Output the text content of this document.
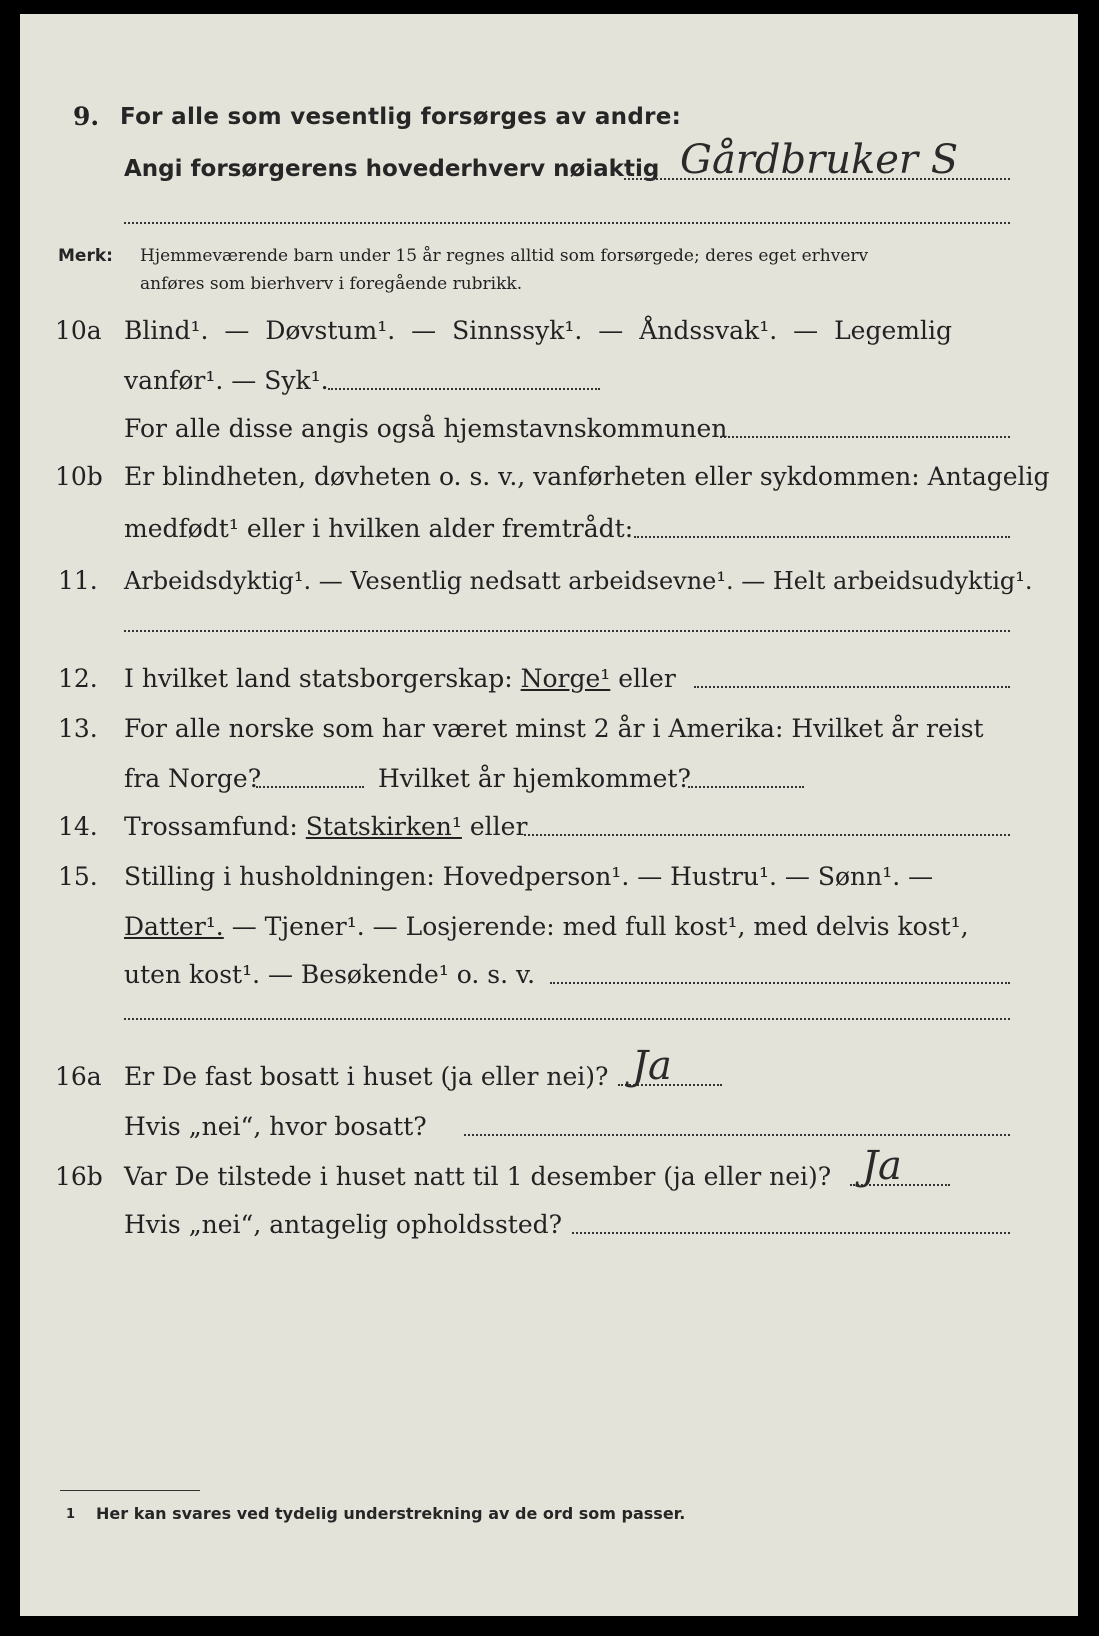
9. For alle som vesentlig forsørges av andre:
Angi forsørgerens hovederhverv nøiaktig Gårdbruker S
Merk: Hjemmeværende barn under 15 år regnes alltid som forsørgede; deres eget erhverv
anføres som bierhverv i foregående rubrikk.
10a Blind¹. — Døvstum¹. — Sinnssyk¹. — Åndssvak¹. — Legemlig
vanfør¹. — Syk¹.
For alle disse angis også hjemstavnskommunen
10b Er blindheten, døvheten o. s. v., vanførheten eller sykdommen: Antagelig
medfødt¹ eller i hvilken alder fremtrådt:
11. Arbeidsdyktig¹. — Vesentlig nedsatt arbeidsevne¹. — Helt arbeidsudyktig¹.
12. I hvilket land statsborgerskap: Norge¹ eller
13. For alle norske som har været minst 2 år i Amerika: Hvilket år reist
fra Norge?	Hvilket år hjemkommet?
14. Trossamfund: Statskirken¹ eller
15. Stilling i husholdningen: Hovedperson¹. — Hustru¹. — Sønn¹. —
Datter¹. — Tjener¹. — Losjerende: med full kost¹, med delvis kost¹,
uten kost¹. — Besøkende¹ o. s. v.
16a Er De fast bosatt i huset (ja eller nei)? Ja
Hvis „nei“, hvor bosatt?
16b Var De tilstede i huset natt til 1 desember (ja eller nei)? Ja
Hvis „nei“, antagelig opholdssted?
1 Her kan svares ved tydelig understrekning av de ord som passer.
